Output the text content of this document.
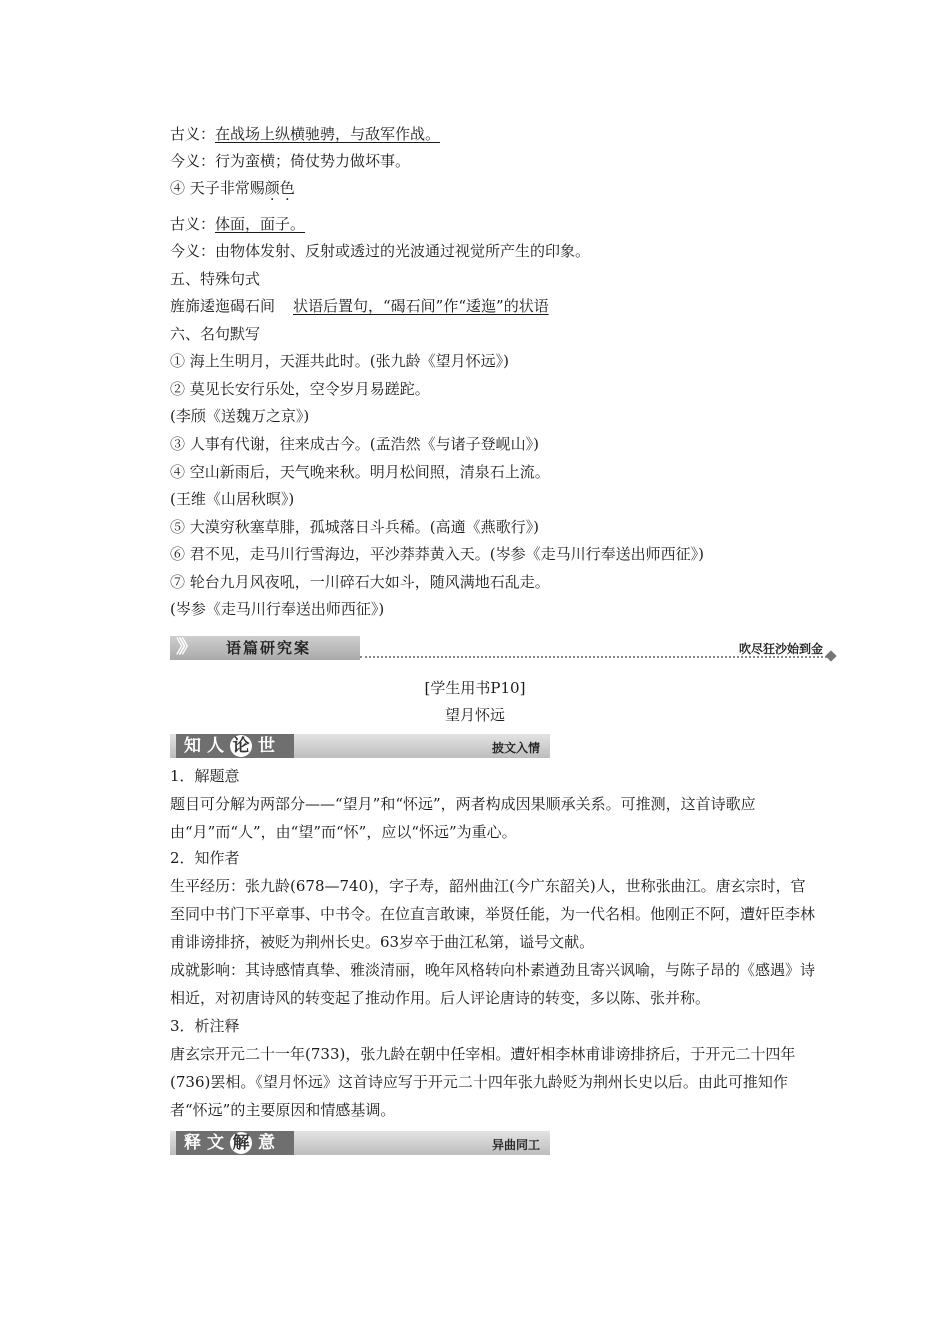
古义：在战场上纵横驰骋，与敌军作战。
今义：行为蛮横；倚仗势力做坏事。
④ 天子非常赐颜色
古义：体面，面子。
今义：由物体发射、反射或透过的光波通过视觉所产生的印象。
五、特殊句式
旌旆逶迤碣石间 状语后置句，“碣石间”作“逶迤”的状语
六、名句默写
① 海上生明月，天涯共此时。(张九龄《望月怀远》)
② 莫见长安行乐处，空令岁月易蹉跎。
(李颀《送魏万之京》)
③ 人事有代谢，往来成古今。(孟浩然《与诸子登岘山》)
④ 空山新雨后，天气晚来秋。明月松间照，清泉石上流。
(王维《山居秋暝》)
⑤ 大漠穷秋塞草腓，孤城落日斗兵稀。(高適《燕歌行》)
⑥ 君不见，走马川行雪海边，平沙莽莽黄入天。(岑参《走马川行奉送出师西征》)
⑦ 轮台九月风夜吼，一川碎石大如斗，随风满地石乱走。
(岑参《走马川行奉送出师西征》)
》》 语篇研究案	吹尽狂沙始到金
[学生用书P10]
望月怀远
知人 论 世	披文入情
1．解题意
题目可分解为两部分——“望月”和“怀远”，两者构成因果顺承关系。可推测，这首诗歌应由“月”而“人”，由“望”而“怀”，应以“怀远”为重心。
2．知作者
生平经历：张九龄(678—740)，字子寿，韶州曲江(今广东韶关)人，世称张曲江。唐玄宗时，官至同中书门下平章事、中书令。在位直言敢谏，举贤任能，为一代名相。他刚正不阿，遭奸臣李林甫诽谤排挤，被贬为荆州长史。63岁卒于曲江私第，谥号文献。
成就影响：其诗感情真挚、雅淡清丽，晚年风格转向朴素遒劲且寄兴讽喻，与陈子昂的《感遇》诗相近，对初唐诗风的转变起了推动作用。后人评论唐诗的转变，多以陈、张并称。
3．析注释
唐玄宗开元二十一年(733)，张九龄在朝中任宰相。遭奸相李林甫诽谤排挤后，于开元二十四年(736)罢相。《望月怀远》这首诗应写于开元二十四年张九龄贬为荆州长史以后。由此可推知作者“怀远”的主要原因和情感基调。
释文 解 意	异曲同工
